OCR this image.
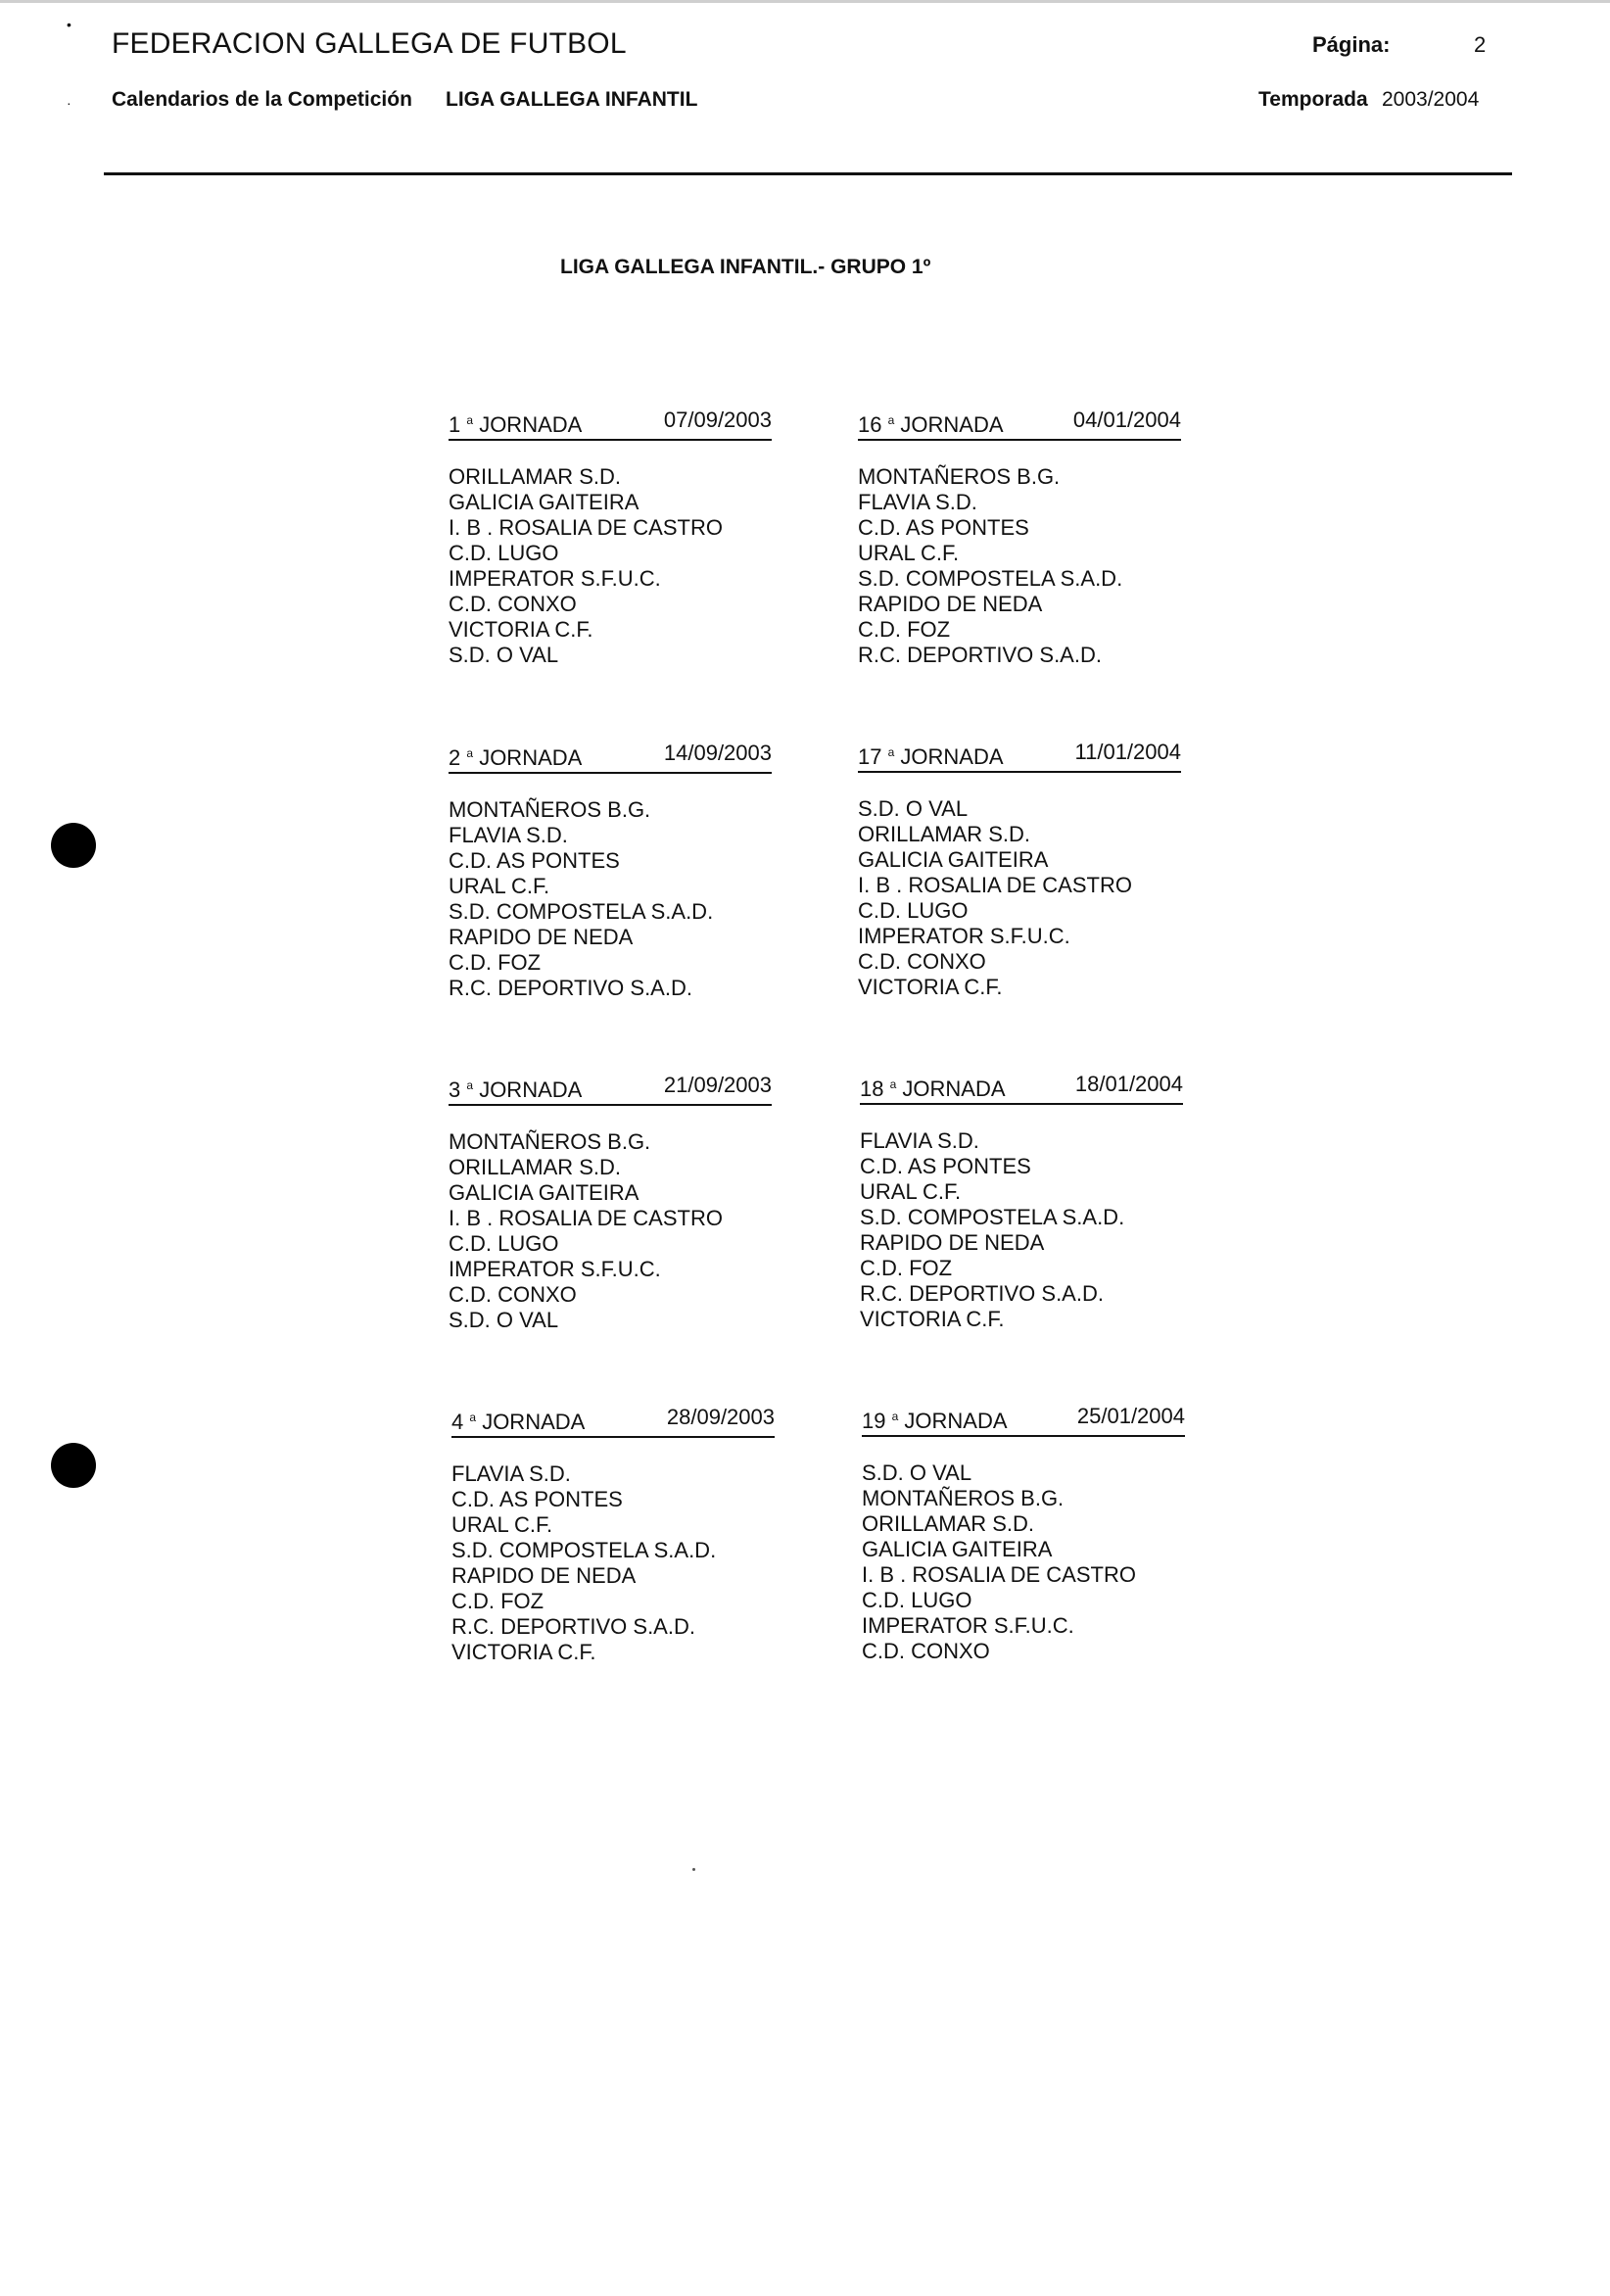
•
·
FEDERACION GALLEGA DE FUTBOL	Página:	2
Calendarios de la Competición LIGA GALLEGA INFANTIL	Temporada 2003/2004
LIGA GALLEGA INFANTIL.- GRUPO 1º
1 $^a$ JORNADA	07/09/2003
ORILLAMAR S.D.
GALICIA GAITEIRA
I. B . ROSALIA DE CASTRO
C.D. LUGO
IMPERATOR S.F.U.C.
C.D. CONXO
VICTORIA C.F.
S.D. O VAL
16 $^a$ JORNADA	04/01/2004
MONTAÑEROS B.G.
FLAVIA S.D.
C.D. AS PONTES
URAL C.F.
S.D. COMPOSTELA S.A.D.
RAPIDO DE NEDA
C.D. FOZ
R.C. DEPORTIVO S.A.D.
2 $^a$ JORNADA	14/09/2003
MONTAÑEROS B.G.
FLAVIA S.D.
C.D. AS PONTES
URAL C.F.
S.D. COMPOSTELA S.A.D.
RAPIDO DE NEDA
C.D. FOZ
R.C. DEPORTIVO S.A.D.
17 $^a$ JORNADA	11/01/2004
S.D. O VAL
ORILLAMAR S.D.
GALICIA GAITEIRA
I. B . ROSALIA DE CASTRO
C.D. LUGO
IMPERATOR S.F.U.C.
C.D. CONXO
VICTORIA C.F.
3 $^a$ JORNADA	21/09/2003
MONTAÑEROS B.G.
ORILLAMAR S.D.
GALICIA GAITEIRA
I. B . ROSALIA DE CASTRO
C.D. LUGO
IMPERATOR S.F.U.C.
C.D. CONXO
S.D. O VAL
18 $^a$ JORNADA	18/01/2004
FLAVIA S.D.
C.D. AS PONTES
URAL C.F.
S.D. COMPOSTELA S.A.D.
RAPIDO DE NEDA
C.D. FOZ
R.C. DEPORTIVO S.A.D.
VICTORIA C.F.
4 $^a$ JORNADA	28/09/2003
FLAVIA S.D.
C.D. AS PONTES
URAL C.F.
S.D. COMPOSTELA S.A.D.
RAPIDO DE NEDA
C.D. FOZ
R.C. DEPORTIVO S.A.D.
VICTORIA C.F.
19 $^a$ JORNADA	25/01/2004
S.D. O VAL
MONTAÑEROS B.G.
ORILLAMAR S.D.
GALICIA GAITEIRA
I. B . ROSALIA DE CASTRO
C.D. LUGO
IMPERATOR S.F.U.C.
C.D. CONXO
